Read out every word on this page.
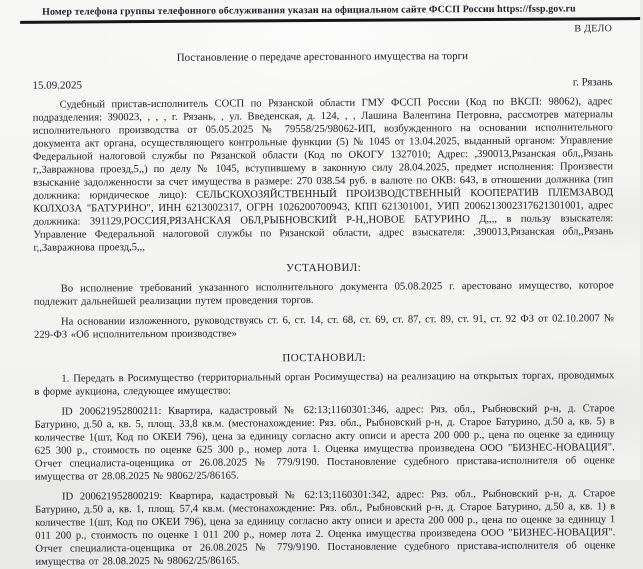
Номер телефона группы телефонного обслуживания указан на официальном сайте ФССП России https://fssp.gov.ru
В ДЕЛО
Постановление о передаче арестованного имущества на торги
15.09.2025	г. Рязань
Судебный пристав-исполнитель СОСП по Рязанской области ГМУ ФССП России (Код по ВКСП: 98062), адрес подразделения: 390023, , , , г. Рязань, , ул. Введенская, д. 124, , , Лашина Валентина Петровна, рассмотрев материалы исполнительного производства от 05.05.2025 № 79558/25/98062-ИП, возбужденного на основании исполнительного документа акт органа, осуществляющего контрольные функции (5) № 1045 от 13.04.2025, выданный органом: Управление Федеральной налоговой службы по Рязанской области (Код по ОКОГУ 1327010; Адрес: ,390013,Рязанская обл,,Рязань г,,Завражнова проезд,5,,) по делу № 1045, вступившему в законную силу 28.04.2025, предмет исполнения: Произвести взыскание задолженности за счет имущества в размере: 270 038.54 руб. в валюте по ОКВ: 643, в отношении должника (тип должника: юридическое лицо): СЕЛЬСКОХОЗЯЙСТВЕННЫЙ ПРОИЗВОДСТВЕННЫЙ КООПЕРАТИВ ПЛЕМЗАВОД КОЛХОЗА "БАТУРИНО", ИНН 6213002317, ОГРН 1026200700943, КПП 621301001, УИП 2006213002317621301001, адрес должника: 391129,РОССИЯ,РЯЗАНСКАЯ ОБЛ,РЫБНОВСКИЙ Р-Н,,НОВОЕ БАТУРИНО Д,,,, в пользу взыскателя: Управление Федеральной налоговой службы по Рязанской области, адрес взыскателя: ,390013,Рязанская обл,,Рязань г,,Завражнова проезд,5,,,
УСТАНОВИЛ:
Во исполнение требований указанного исполнительного документа 05.08.2025 г. арестовано имущество, которое подлежит дальнейшей реализации путем проведения торгов.
На основании изложенного, руководствуясь ст. 6, ст. 14, ст. 68, ст. 69, ст. 87, ст. 89, ст. 91, ст. 92 ФЗ от 02.10.2007 № 229-ФЗ «Об исполнительном производстве»
ПОСТАНОВИЛ:
1. Передать в Росимущество (территориальный орган Росимущества) на реализацию на открытых торгах, проводимых в форме аукциона, следующее имущество:
ID 200621952800211: Квартира, кадастровый № 62:13;1160301:346, адрес: Ряз. обл., Рыбновский р-н, д. Старое Батурино, д.50 а, кв. 5, площ. 33,8 кв.м. (местонахождение: Ряз. обл., Рыбновский р-н, д. Старое Батурино, д.50 а, кв. 5) в количестве 1(шт, Код по ОКЕИ 796), цена за единицу согласно акту описи и ареста 200 000 р., цена по оценке за единицу 625 300 р., стоимость по оценке 625 300 р., номер лота 1. Оценка имущества произведена ООО "БИЗНЕС-НОВАЦИЯ". Отчет специалиста-оценщика от 26.08.2025 № 779/9190. Постановление судебного пристава-исполнителя об оценке имущества от 28.08.2025 № 98062/25/86165.
ID 200621952800219: Квартира, кадастровый № 62:13;1160301:342, адрес: Ряз. обл., Рыбновский р-н, д. Старое Батурино, д.50 а, кв. 1, площ. 57,4 кв.м. (местонахождение: Ряз. обл., Рыбновский р-н, д. Старое Батурино, д.50 а, кв. 1) в количестве 1(шт, Код по ОКЕИ 796), цена за единицу согласно акту описи и ареста 200 000 р., цена по оценке за единицу 1 011 200 р., стоимость по оценке 1 011 200 р., номер лота 2. Оценка имущества произведена ООО "БИЗНЕС-НОВАЦИЯ". Отчет специалиста-оценщика от 26.08.2025 № 779/9190. Постановление судебного пристава-исполнителя об оценке имущества от 28.08.2025 № 98062/25/86165.
